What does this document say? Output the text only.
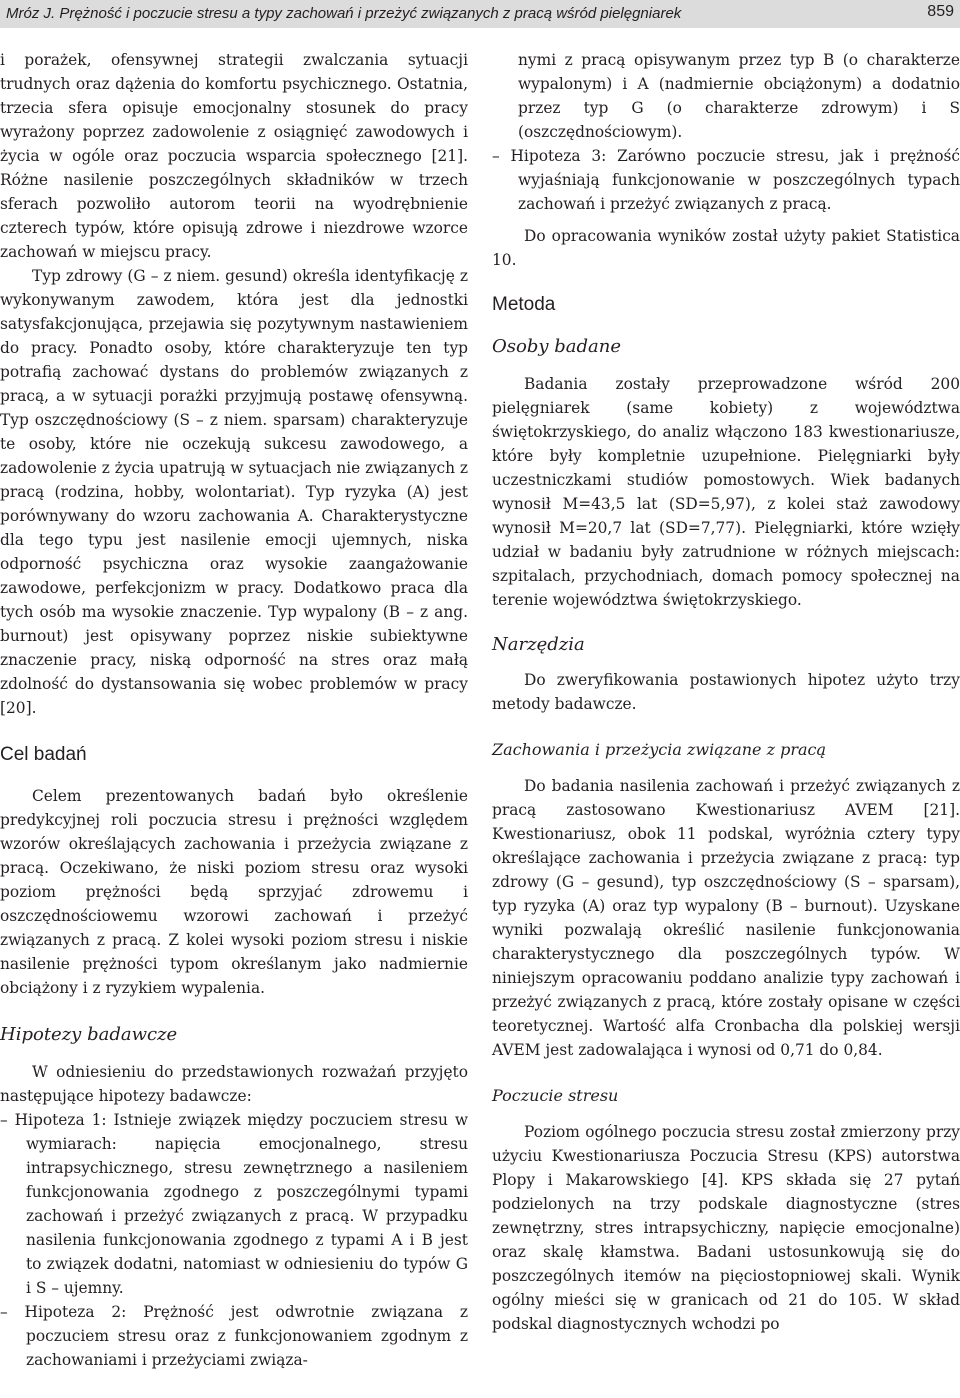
Mróz J. Prężność i poczucie stresu a typy zachowań i przeżyć związanych z pracą wśród pielęgniarek	859

i porażek, ofensywnej strategii zwalczania sytuacji trudnych oraz dążenia do komfortu psychicznego. Ostatnia, trzecia sfera opisuje emocjonalny stosunek do pracy wyrażony poprzez zadowolenie z osiągnięć zawodowych i życia w ogóle oraz poczucia wsparcia społecznego [21]. Różne nasilenie poszczególnych składników w trzech sferach pozwoliło autorom teorii na wyodrębnienie czterech typów, które opisują zdrowe i niezdrowe wzorce zachowań w miejscu pracy.

Typ zdrowy (G – z niem. gesund) określa identyfikację z wykonywanym zawodem, która jest dla jednostki satysfakcjonująca, przejawia się pozytywnym nastawieniem do pracy. Ponadto osoby, które charakteryzuje ten typ potrafią zachować dystans do problemów związanych z pracą, a w sytuacji porażki przyjmują postawę ofensywną. Typ oszczędnościowy (S – z niem. sparsam) charakteryzuje te osoby, które nie oczekują sukcesu zawodowego, a zadowolenie z życia upatrują w sytuacjach nie związanych z pracą (rodzina, hobby, wolontariat). Typ ryzyka (A) jest porównywany do wzoru zachowania A. Charakterystyczne dla tego typu jest nasilenie emocji ujemnych, niska odporność psychiczna oraz wysokie zaangażowanie zawodowe, perfekcjonizm w pracy. Dodatkowo praca dla tych osób ma wysokie znaczenie. Typ wypalony (B – z ang. burnout) jest opisywany poprzez niskie subiektywne znaczenie pracy, niską odporność na stres oraz małą zdolność do dystansowania się wobec problemów w pracy [20].

Cel badań

Celem prezentowanych badań było określenie predykcyjnej roli poczucia stresu i prężności względem wzorów określających zachowania i przeżycia związane z pracą. Oczekiwano, że niski poziom stresu oraz wysoki poziom prężności będą sprzyjać zdrowemu i oszczędnościowemu wzorowi zachowań i przeżyć związanych z pracą. Z kolei wysoki poziom stresu i niskie nasilenie prężności typom określanym jako nadmiernie obciążony i z ryzykiem wypalenia.

Hipotezy badawcze

W odniesieniu do przedstawionych rozważań przyjęto następujące hipotezy badawcze:

– Hipoteza 1: Istnieje związek między poczuciem stresu w wymiarach: napięcia emocjonalnego, stresu intrapsychicznego, stresu zewnętrznego a nasileniem funkcjonowania zgodnego z poszczególnymi typami zachowań i przeżyć związanych z pracą. W przypadku nasilenia funkcjonowania zgodnego z typami A i B jest to związek dodatni, natomiast w odniesieniu do typów G i S – ujemny.
– Hipoteza 2: Prężność jest odwrotnie związana z poczuciem stresu oraz z funkcjonowaniem zgodnym z zachowaniami i przeżyciami związa-
nymi z pracą opisywanym przez typ B (o charakterze wypalonym) i A (nadmiernie obciążonym) a dodatnio przez typ G (o charakterze zdrowym) i S (oszczędnościowym).
– Hipoteza 3: Zarówno poczucie stresu, jak i prężność wyjaśniają funkcjonowanie w poszczególnych typach zachowań i przeżyć związanych z pracą.

Do opracowania wyników został użyty pakiet Statistica 10.

Metoda
Osoby badane

Badania zostały przeprowadzone wśród 200 pielęgniarek (same kobiety) z województwa świętokrzyskiego, do analiz włączono 183 kwestionariusze, które były kompletnie uzupełnione. Pielęgniarki były uczestniczkami studiów pomostowych. Wiek badanych wynosił M=43,5 lat (SD=5,97), z kolei staż zawodowy wynosił M=20,7 lat (SD=7,77). Pielęgniarki, które wzięły udział w badaniu były zatrudnione w różnych miejscach: szpitalach, przychodniach, domach pomocy społecznej na terenie województwa świętokrzyskiego.

Narzędzia

Do zweryfikowania postawionych hipotez użyto trzy metody badawcze.

Zachowania i przeżycia związane z pracą

Do badania nasilenia zachowań i przeżyć związanych z pracą zastosowano Kwestionariusz AVEM [21]. Kwestionariusz, obok 11 podskal, wyróżnia cztery typy określające zachowania i przeżycia związane z pracą: typ zdrowy (G – gesund), typ oszczędnościowy (S – sparsam), typ ryzyka (A) oraz typ wypalony (B – burnout). Uzyskane wyniki pozwalają określić nasilenie funkcjonowania charakterystycznego dla poszczególnych typów. W niniejszym opracowaniu poddano analizie typy zachowań i przeżyć związanych z pracą, które zostały opisane w części teoretycznej. Wartość alfa Cronbacha dla polskiej wersji AVEM jest zadowalająca i wynosi od 0,71 do 0,84.

Poczucie stresu

Poziom ogólnego poczucia stresu został zmierzony przy użyciu Kwestionariusza Poczucia Stresu (KPS) autorstwa Plopy i Makarowskiego [4]. KPS składa się 27 pytań podzielonych na trzy podskale diagnostyczne (stres zewnętrzny, stres intrapsychiczny, napięcie emocjonalne) oraz skalę kłamstwa. Badani ustosunkowują się do poszczególnych itemów na pięciostopniowej skali. Wynik ogólny mieści się w granicach od 21 do 105. W skład podskal diagnostycznych wchodzi po
